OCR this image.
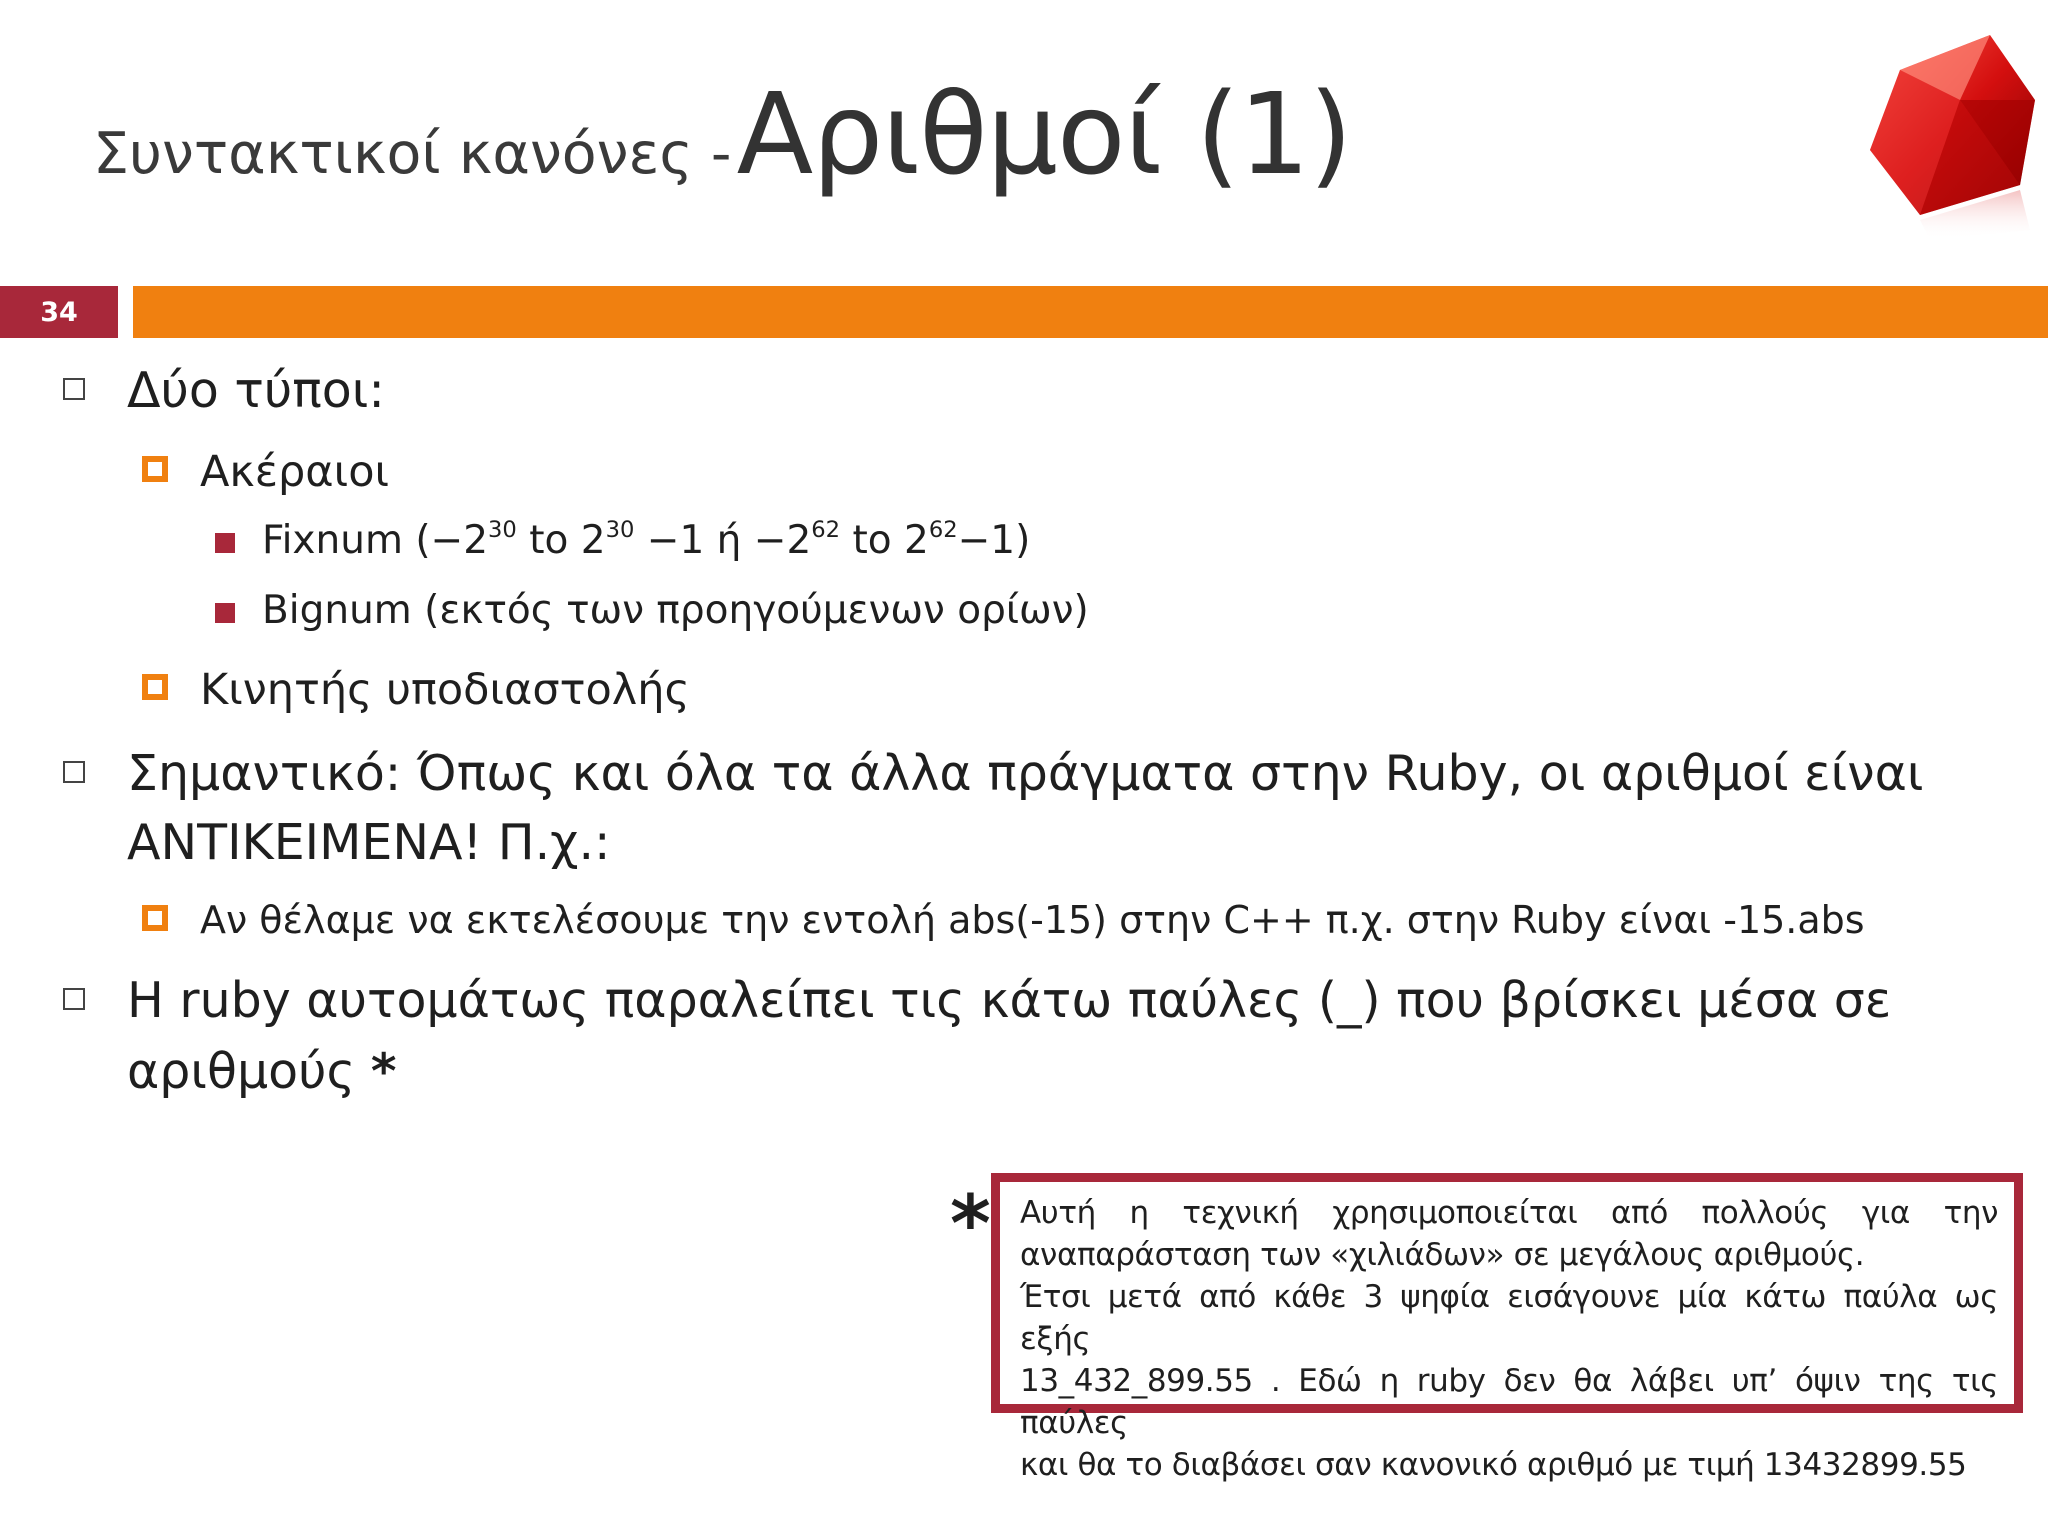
Συντακτικοί κανόνες - Αριθμοί (1)
34
Δύο τύποι:
Ακέραιοι
Fixnum ($-2^{30}$ to $2^{30} -1$ $ή -2^{62}$ to $2^{62}-1$)
Bignum (εκτός των προηγούμενων ορίων)
Κινητής υποδιαστολής
Σημαντικό: Όπως και όλα τα άλλα πράγματα στην Ruby, οι αριθμοί είναι
ΑΝΤΙΚΕΙΜΕΝΑ! Π.χ.:
Αν θέλαμε να εκτελέσουμε την εντολή abs(-15) στην C++ π.χ. στην Ruby είναι -15.abs
Η ruby αυτομάτως παραλείπει τις κάτω παύλες (_) που βρίσκει μέσα σε
αριθμούς *
* Αυτή η τεχνική χρησιμοποιείται από πολλούς για την

αναπαράσταση των «χιλιάδων» σε μεγάλους αριθμούς.

Έτσι μετά από κάθε 3 ψηφία εισάγουνε μία κάτω παύλα ως εξής

13_432_899.55 . Εδώ η ruby δεν θα λάβει υπ’ όψιν της τις παύλες

και θα το διαβάσει σαν κανονικό αριθμό με τιμή 13432899.55
